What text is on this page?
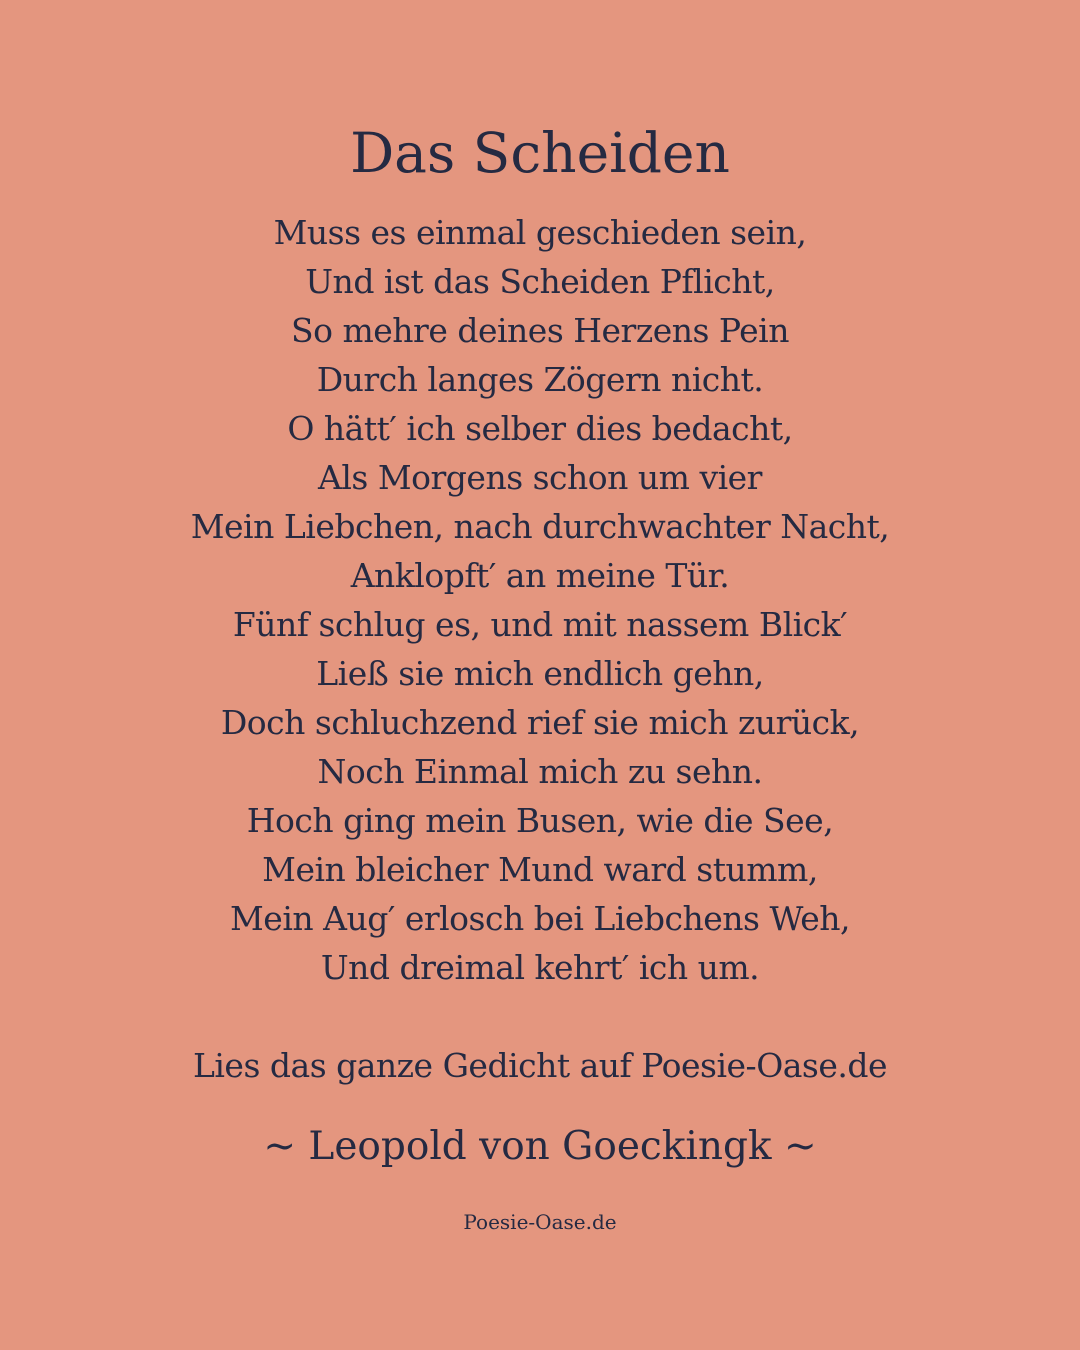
Das Scheiden
Muss es einmal geschieden sein,
Und ist das Scheiden Pflicht,
So mehre deines Herzens Pein
Durch langes Zögern nicht.
O hätt′ ich selber dies bedacht,
Als Morgens schon um vier
Mein Liebchen, nach durchwachter Nacht,
Anklopft′ an meine Tür.
Fünf schlug es, und mit nassem Blick′
Ließ sie mich endlich gehn,
Doch schluchzend rief sie mich zurück,
Noch Einmal mich zu sehn.
Hoch ging mein Busen, wie die See,
Mein bleicher Mund ward stumm,
Mein Aug′ erlosch bei Liebchens Weh,
Und dreimal kehrt′ ich um.
Lies das ganze Gedicht auf Poesie-Oase.de
~ Leopold von Goeckingk ~
Poesie-Oase.de
